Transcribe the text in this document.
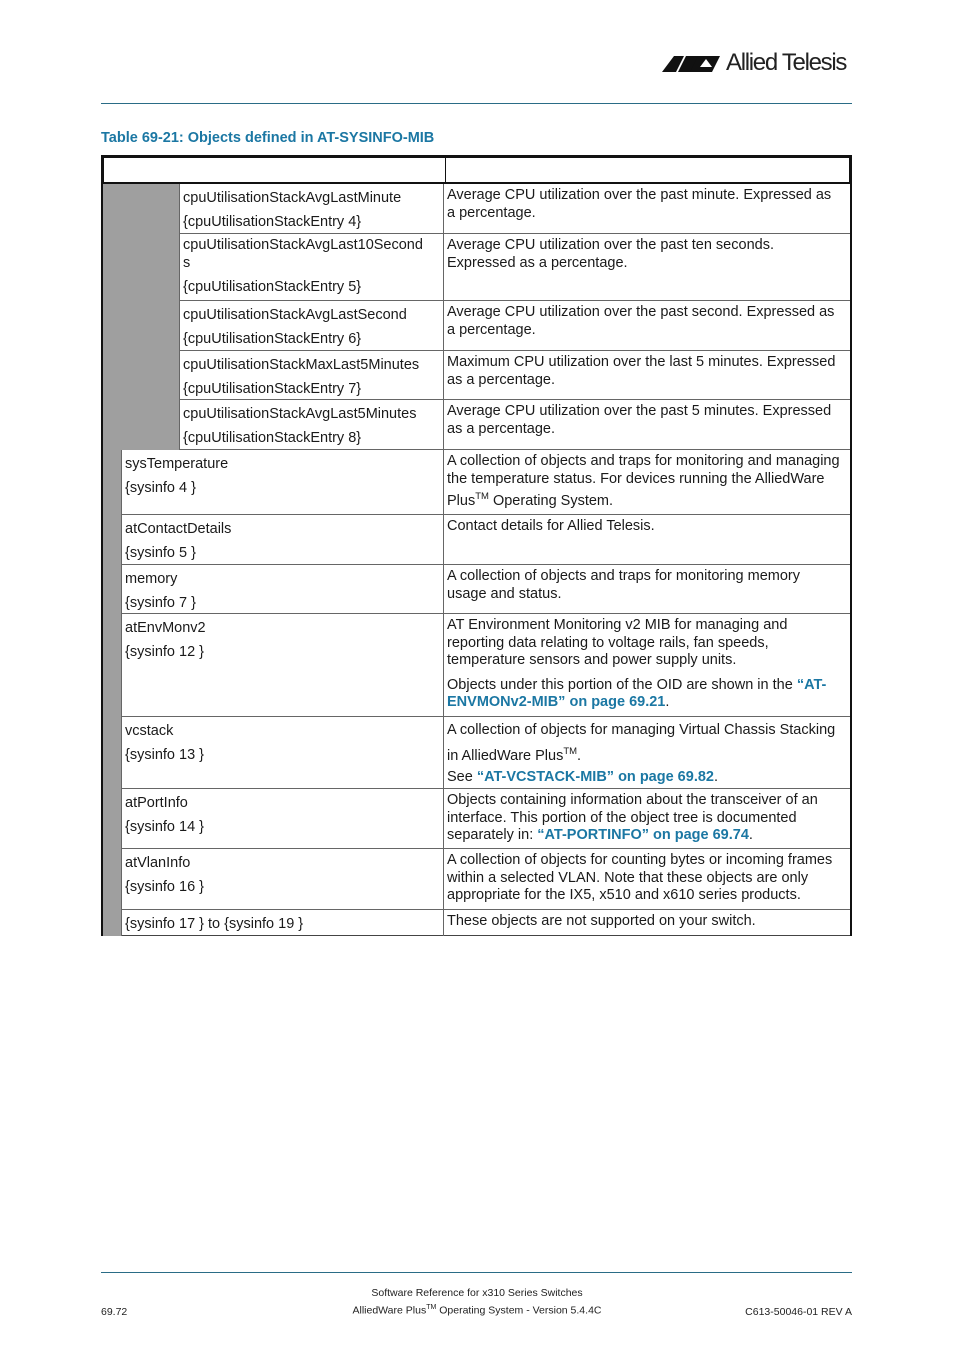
Allied Telesis
Table 69-21: Objects defined in AT-SYSINFO-MIB
cpuUtilisationStackAvgLastMinute
{cpuUtilisationStackEntry 4}
Average CPU utilization over the past minute. Expressed as a percentage.
cpuUtilisationStackAvgLast10Second
s
{cpuUtilisationStackEntry 5}
Average CPU utilization over the past ten seconds. Expressed as a percentage.
cpuUtilisationStackAvgLastSecond
{cpuUtilisationStackEntry 6}
Average CPU utilization over the past second. Expressed as a percentage.
cpuUtilisationStackMaxLast5Minutes
{cpuUtilisationStackEntry 7}
Maximum CPU utilization over the last 5 minutes. Expressed as a percentage.
cpuUtilisationStackAvgLast5Minutes
{cpuUtilisationStackEntry 8}
Average CPU utilization over the past 5 minutes. Expressed as a percentage.
sysTemperature
{sysinfo 4 }
A collection of objects and traps for monitoring and managing the temperature status. For devices running the AlliedWare Plus™ Operating System.
atContactDetails
{sysinfo 5 }
Contact details for Allied Telesis.
memory
{sysinfo 7 }
A collection of objects and traps for monitoring memory usage and status.
atEnvMonv2
{sysinfo 12 }

AT Environment Monitoring v2 MIB for managing and reporting data relating to voltage rails, fan speeds, temperature sensors and power supply units.

Objects under this portion of the OID are shown in the “AT-ENVMONv2-MIB” on page 69.21.

vcstack
{sysinfo 13 }

A collection of objects for managing Virtual Chassis Stacking in AlliedWare Plus™.

See “AT-VCSTACK-MIB” on page 69.82.

atPortInfo
{sysinfo 14 }
Objects containing information about the transceiver of an interface. This portion of the object tree is documented separately in: “AT-PORTINFO” on page 69.74.
atVlanInfo
{sysinfo 16 }
A collection of objects for counting bytes or incoming frames within a selected VLAN. Note that these objects are only appropriate for the IX5, x510 and x610 series products.
{sysinfo 17 } to {sysinfo 19 }	These objects are not supported on your switch.
69.72
Software Reference for x310 Series Switches
AlliedWare Plus™ Operating System - Version 5.4.4C	C613-50046-01 REV A
